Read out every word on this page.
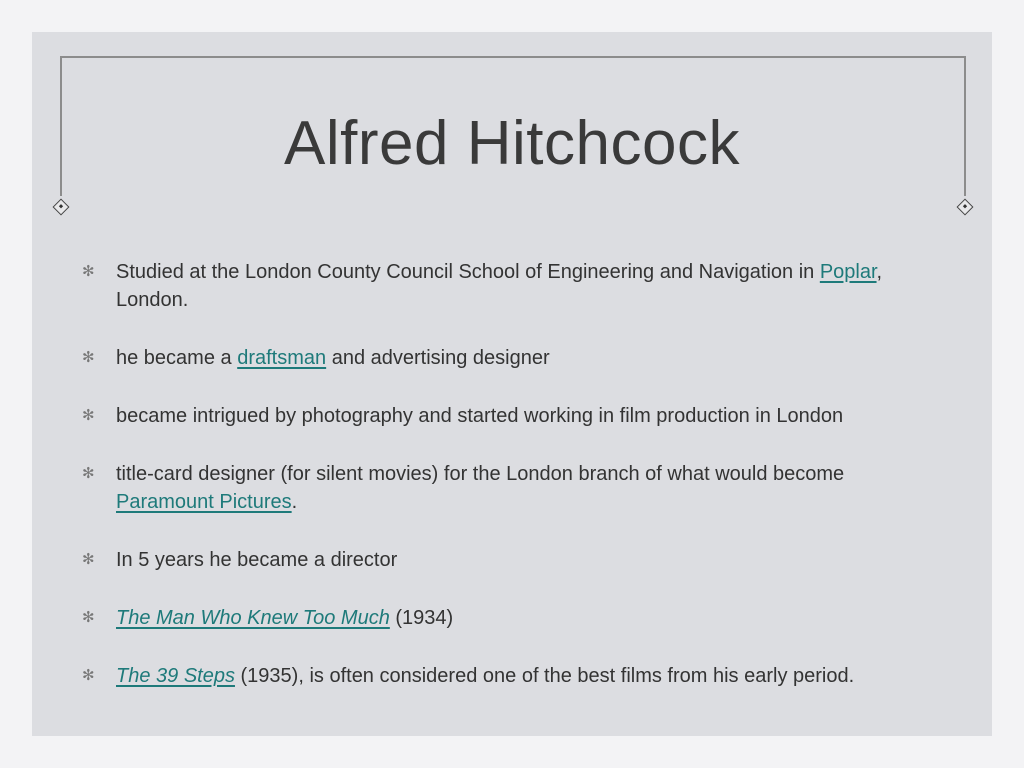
Alfred Hitchcock
✻	Studied at the London County Council School of Engineering and Navigation in Poplar, London.
✻	he became a draftsman and advertising designer
✻	became intrigued by photography and started working in film production in London
✻	title-card designer (for silent movies) for the London branch of what would become Paramount Pictures.
✻	In 5 years he became a director
✻	The Man Who Knew Too Much (1934)
✻	The 39 Steps (1935), is often considered one of the best films from his early period.
